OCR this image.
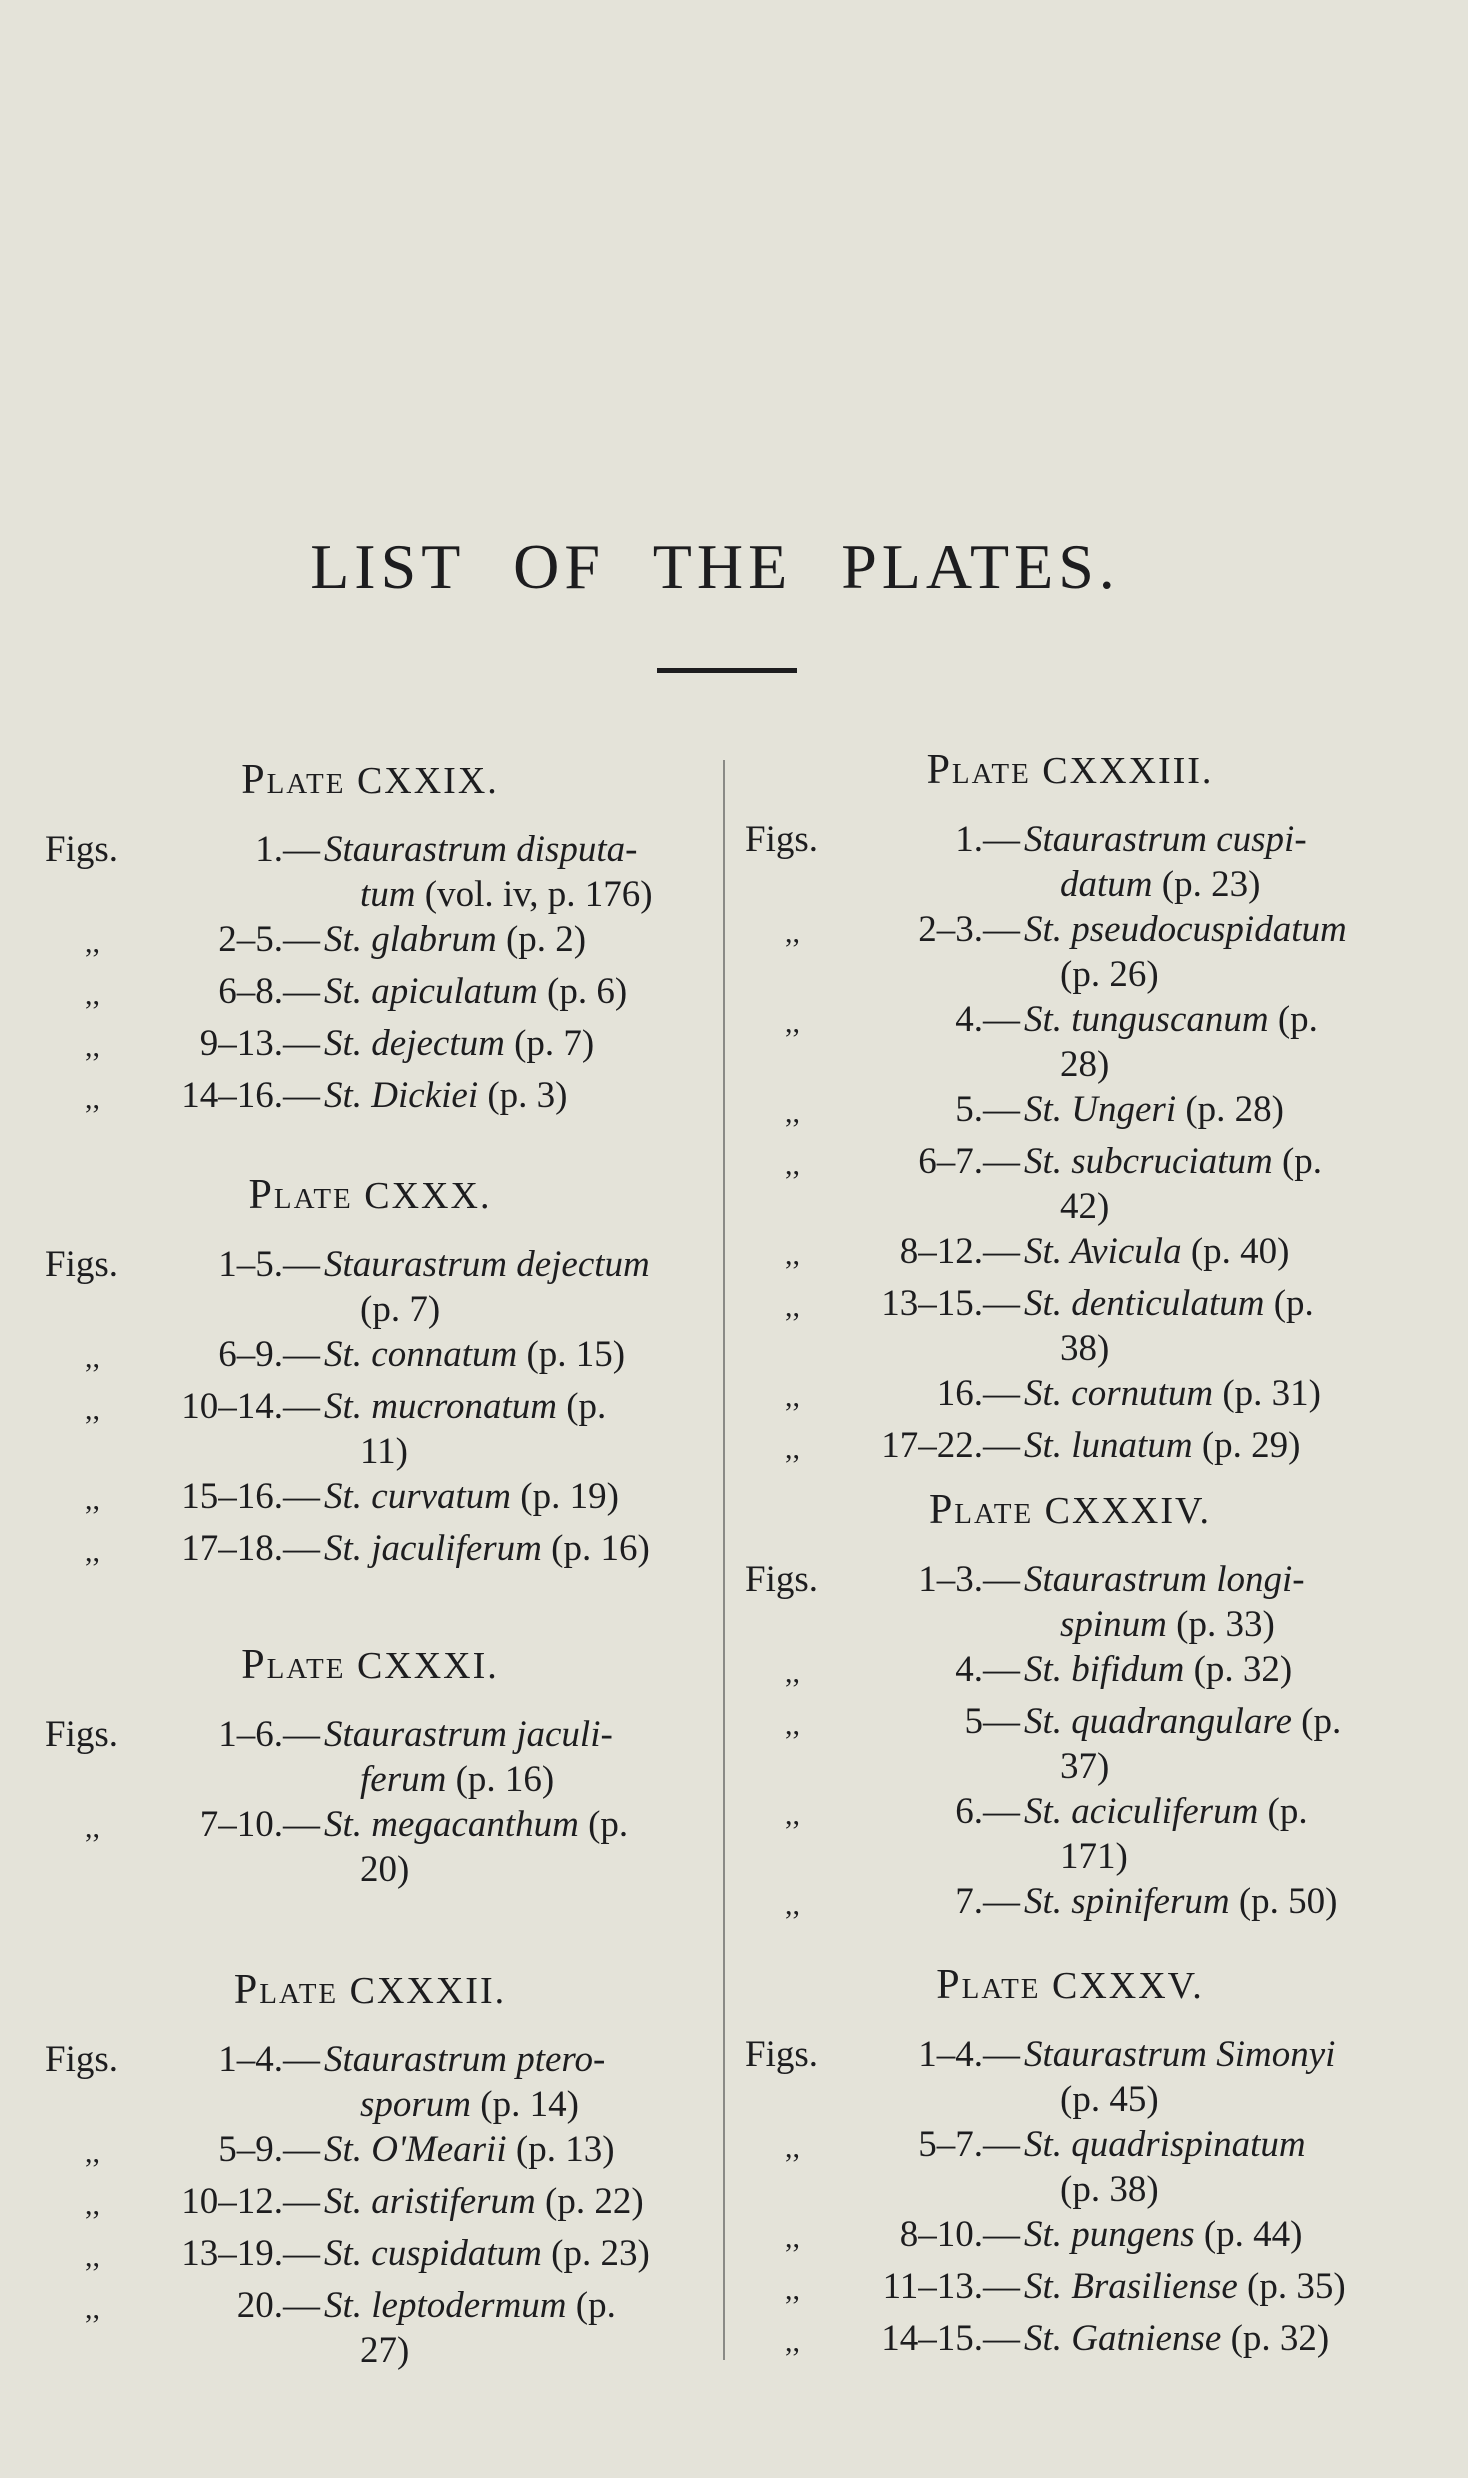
LIST OF THE PLATES.
Plate CXXIX.
Figs.	1.— Staurastrum disputa-
tum (vol. iv, p. 176)
,,	2–5.— St. glabrum (p. 2)
,,	6–8.— St. apiculatum (p. 6)
,,	9–13.— St. dejectum (p. 7)
,,	14–16.— St. Dickiei (p. 3)
Plate CXXX.
Figs.	1–5.— Staurastrum dejectum
(p. 7)
,,	6–9.— St. connatum (p. 15)
,,	10–14.— St. mucronatum (p.
11)
,,	15–16.— St. curvatum (p. 19)
,,	17–18.— St. jaculiferum (p. 16)
Plate CXXXI.
Figs.	1–6.— Staurastrum jaculi-
ferum (p. 16)
,,	7–10.— St. megacanthum (p.
20)
Plate CXXXII.
Figs.	1–4.— Staurastrum ptero-
sporum (p. 14)
,,	5–9.— St. O'Mearii (p. 13)
,,	10–12.— St. aristiferum (p. 22)
,,	13–19.— St. cuspidatum (p. 23)
,,	20.— St. leptodermum (p.
27)
Plate CXXXIII.
Figs.	1.— Staurastrum cuspi-
datum (p. 23)
,,	2–3.— St. pseudocuspidatum
(p. 26)
,,	4.— St. tunguscanum (p.
28)
,,	5.— St. Ungeri (p. 28)
,,	6–7.— St. subcruciatum (p.
42)
,,	8–12.— St. Avicula (p. 40)
,,	13–15.— St. denticulatum (p.
38)
,,	16.— St. cornutum (p. 31)
,,	17–22.— St. lunatum (p. 29)
Plate CXXXIV.
Figs.	1–3.— Staurastrum longi-
spinum (p. 33)
,,	4.— St. bifidum (p. 32)
,,	5— St. quadrangulare (p.
37)
,,	6.— St. aciculiferum (p.
171)
,,	7.— St. spiniferum (p. 50)
Plate CXXXV.
Figs.	1–4.— Staurastrum Simonyi
(p. 45)
,,	5–7.— St. quadrispinatum
(p. 38)
,,	8–10.— St. pungens (p. 44)
,,	11–13.— St. Brasiliense (p. 35)
,,	14–15.— St. Gatniense (p. 32)
